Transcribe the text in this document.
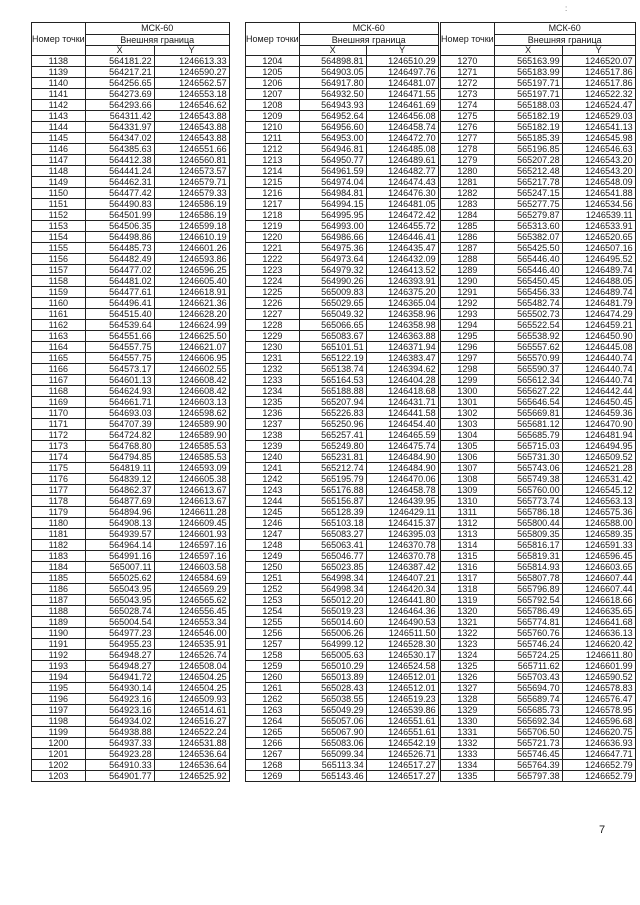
:
Номер точки	МСК-60	
	Внешняя граница	
	X	Y
1138	564181.22	1246613.33
1139	564217.21	1246590.27
1140	564256.65	1246562.57
1141	564273.69	1246553.18
1142	564293.66	1246546.62
1143	564311.42	1246543.88
1144	564331.97	1246543.88
1145	564347.02	1246543.88
1146	564385.63	1246551.66
1147	564412.38	1246560.81
1148	564441.24	1246573.57
1149	564462.31	1246579.71
1150	564477.42	1246579.33
1151	564490.83	1246586.19
1152	564501.99	1246586.19
1153	564506.35	1246599.18
1154	564498.86	1246610.19
1155	564485.73	1246601.26
1156	564482.49	1246593.86
1157	564477.02	1246596.25
1158	564481.02	1246605.40
1159	564477.61	1246618.91
1160	564496.41	1246621.36
1161	564515.40	1246628.20
1162	564539.64	1246624.99
1163	564551.66	1246625.50
1164	564557.75	1246621.07
1165	564557.75	1246606.95
1166	564573.17	1246602.55
1167	564601.13	1246608.42
1168	564624.93	1246608.42
1169	564661.71	1246603.13
1170	564693.03	1246598.62
1171	564707.39	1246589.90
1172	564724.82	1246589.90
1173	564768.80	1246585.53
1174	564794.85	1246585.53
1175	564819.11	1246593.09
1176	564839.12	1246605.38
1177	564862.37	1246613.67
1178	564877.69	1246613.67
1179	564894.96	1246611.28
1180	564908.13	1246609.45
1181	564939.57	1246601.93
1182	564964.14	1246597.16
1183	564991.16	1246597.16
1184	565007.11	1246603.58
1185	565025.62	1246584.69
1186	565043.95	1246569.29
1187	565043.95	1246565.62
1188	565028.74	1246556.45
1189	565004.54	1246553.34
1190	564977.23	1246546.00
1191	564955.23	1246535.91
1192	564948.27	1246526.74
1193	564948.27	1246508.04
1194	564941.72	1246504.25
1195	564930.14	1246504.25
1196	564923.16	1246509.93
1197	564923.16	1246514.61
1198	564934.02	1246516.27
1199	564938.88	1246522.24
1200	564937.33	1246531.88
1201	564923.28	1246536.64
1202	564910.33	1246536.64
1203	564901.77	1246525.92
Номер точки	МСК-60	
	Внешняя граница	
	X	Y
1204	564898.81	1246510.29
1205	564903.05	1246497.76
1206	564917.80	1246481.07
1207	564932.50	1246471.55
1208	564943.93	1246461.69
1209	564952.64	1246456.08
1210	564956.60	1246458.74
1211	564953.00	1246472.70
1212	564946.81	1246485.08
1213	564950.77	1246489.61
1214	564961.59	1246482.77
1215	564974.04	1246474.43
1216	564984.81	1246476.30
1217	564994.15	1246481.05
1218	564995.95	1246472.42
1219	564993.00	1246455.72
1220	564986.66	1246446.41
1221	564975.36	1246435.47
1222	564973.64	1246432.09
1223	564979.32	1246413.52
1224	564990.26	1246393.91
1225	565009.83	1246375.20
1226	565029.65	1246365.04
1227	565049.32	1246358.96
1228	565066.65	1246358.98
1229	565083.67	1246363.88
1230	565101.51	1246371.94
1231	565122.19	1246383.47
1232	565138.74	1246394.62
1233	565164.53	1246404.28
1234	565188.88	1246418.68
1235	565207.94	1246431.71
1236	565226.83	1246441.58
1237	565250.96	1246454.40
1238	565257.41	1246465.59
1239	565249.80	1246475.74
1240	565231.81	1246484.90
1241	565212.74	1246484.90
1242	565195.79	1246470.06
1243	565176.88	1246458.78
1244	565156.87	1246439.95
1245	565128.39	1246429.11
1246	565103.18	1246415.37
1247	565083.27	1246395.03
1248	565063.41	1246370.78
1249	565046.77	1246370.78
1250	565023.85	1246387.42
1251	564998.34	1246407.21
1252	564998.34	1246420.34
1253	565012.20	1246441.80
1254	565019.23	1246464.36
1255	565014.60	1246490.53
1256	565006.26	1246511.50
1257	564999.12	1246528.30
1258	565005.63	1246530.17
1259	565010.29	1246524.58
1260	565013.89	1246512.01
1261	565028.43	1246512.01
1262	565038.55	1246519.23
1263	565049.29	1246539.86
1264	565057.06	1246551.61
1265	565067.90	1246551.61
1266	565083.06	1246542.19
1267	565099.34	1246526.71
1268	565113.34	1246517.27
1269	565143.46	1246517.27
Номер точки	МСК-60	
	Внешняя граница	
	X	Y
1270	565163.99	1246520.07
1271	565183.99	1246517.86
1272	565197.71	1246517.86
1273	565197.71	1246522.32
1274	565188.03	1246524.47
1275	565182.19	1246529.03
1276	565182.19	1246541.13
1277	565185.39	1246545.98
1278	565196.85	1246546.63
1279	565207.28	1246543.20
1280	565212.48	1246543.20
1281	565217.78	1246548.09
1282	565247.15	1246541.88
1283	565277.75	1246534.56
1284	565279.87	1246539.11
1285	565313.60	1246533.91
1286	565382.07	1246520.65
1287	565425.50	1246507.16
1288	565446.40	1246495.52
1289	565446.40	1246489.74
1290	565450.45	1246488.05
1291	565456.33	1246489.74
1292	565482.74	1246481.79
1293	565502.73	1246474.29
1294	565522.54	1246459.21
1295	565538.92	1246450.90
1296	565557.62	1246445.08
1297	565570.99	1246440.74
1298	565590.37	1246440.74
1299	565612.34	1246440.74
1300	565627.22	1246442.44
1301	565646.54	1246450.45
1302	565669.81	1246459.36
1303	565681.12	1246470.90
1304	565685.79	1246481.94
1305	565715.03	1246494.95
1306	565731.30	1246509.52
1307	565743.06	1246521.28
1308	565749.38	1246531.42
1309	565760.00	1246545.12
1310	565773.74	1246563.13
1311	565786.18	1246575.36
1312	565800.44	1246588.00
1313	565809.35	1246589.35
1314	565816.17	1246591.33
1315	565819.31	1246596.45
1316	565814.93	1246603.65
1317	565807.78	1246607.44
1318	565796.89	1246607.44
1319	565792.54	1246618.66
1320	565786.49	1246635.65
1321	565774.81	1246641.68
1322	565760.76	1246636.13
1323	565746.24	1246620.42
1324	565724.25	1246611.80
1325	565711.62	1246601.99
1326	565703.43	1246590.52
1327	565694.70	1246578.83
1328	565689.74	1246576.47
1329	565685.73	1246578.95
1330	565692.34	1246596.68
1331	565706.50	1246620.75
1332	565721.73	1246636.93
1333	565746.45	1246647.71
1334	565764.39	1246652.79
1335	565797.38	1246652.79
7
